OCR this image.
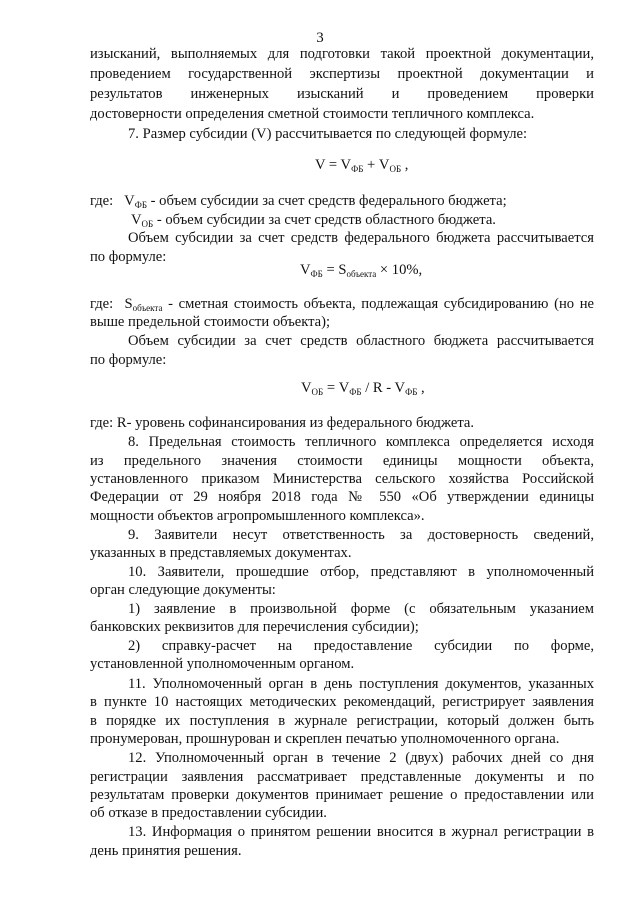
3
изысканий, выполняемых для подготовки такой проектной документации,
проведением государственной экспертизы проектной документации и
результатов инженерных изысканий и проведением проверки
достоверности определения сметной стоимости тепличного комплекса.
7. Размер субсидии (V) рассчитывается по следующей формуле:
$V = V_{ФБ} + V_{ОБ}$ ,
где: $V_{ФБ}$ - объем субсидии за счет средств федерального бюджета;
$V_{ОБ}$ - объем субсидии за счет средств областного бюджета.
Объем субсидии за счет средств федерального бюджета рассчитывается
по формуле:
$V_{ФБ} = S_{объекта} \times 10\%$,
где: $S_{объекта}$ - сметная стоимость объекта, подлежащая субсидированию (но не
выше предельной стоимости объекта);
Объем субсидии за счет средств областного бюджета рассчитывается
по формуле:
$V_{ОБ} = V_{ФБ} / R - V_{ФБ}$ ,
где: R- уровень софинансирования из федерального бюджета.
8. Предельная стоимость тепличного комплекса определяется исходя
из предельного значения стоимости единицы мощности объекта,
установленного приказом Министерства сельского хозяйства Российской
Федерации от 29 ноября 2018 года № 550 «Об утверждении единицы
мощности объектов агропромышленного комплекса».
9. Заявители несут ответственность за достоверность сведений,
указанных в представляемых документах.
10. Заявители, прошедшие отбор, представляют в уполномоченный
орган следующие документы:
1) заявление в произвольной форме (с обязательным указанием
банковских реквизитов для перечисления субсидии);
2) справку-расчет на предоставление субсидии по форме,
установленной уполномоченным органом.
11. Уполномоченный орган в день поступления документов, указанных
в пункте 10 настоящих методических рекомендаций, регистрирует заявления
в порядке их поступления в журнале регистрации, который должен быть
пронумерован, прошнурован и скреплен печатью уполномоченного органа.
12. Уполномоченный орган в течение 2 (двух) рабочих дней со дня
регистрации заявления рассматривает представленные документы и по
результатам проверки документов принимает решение о предоставлении или
об отказе в предоставлении субсидии.
13. Информация о принятом решении вносится в журнал регистрации в
день принятия решения.
